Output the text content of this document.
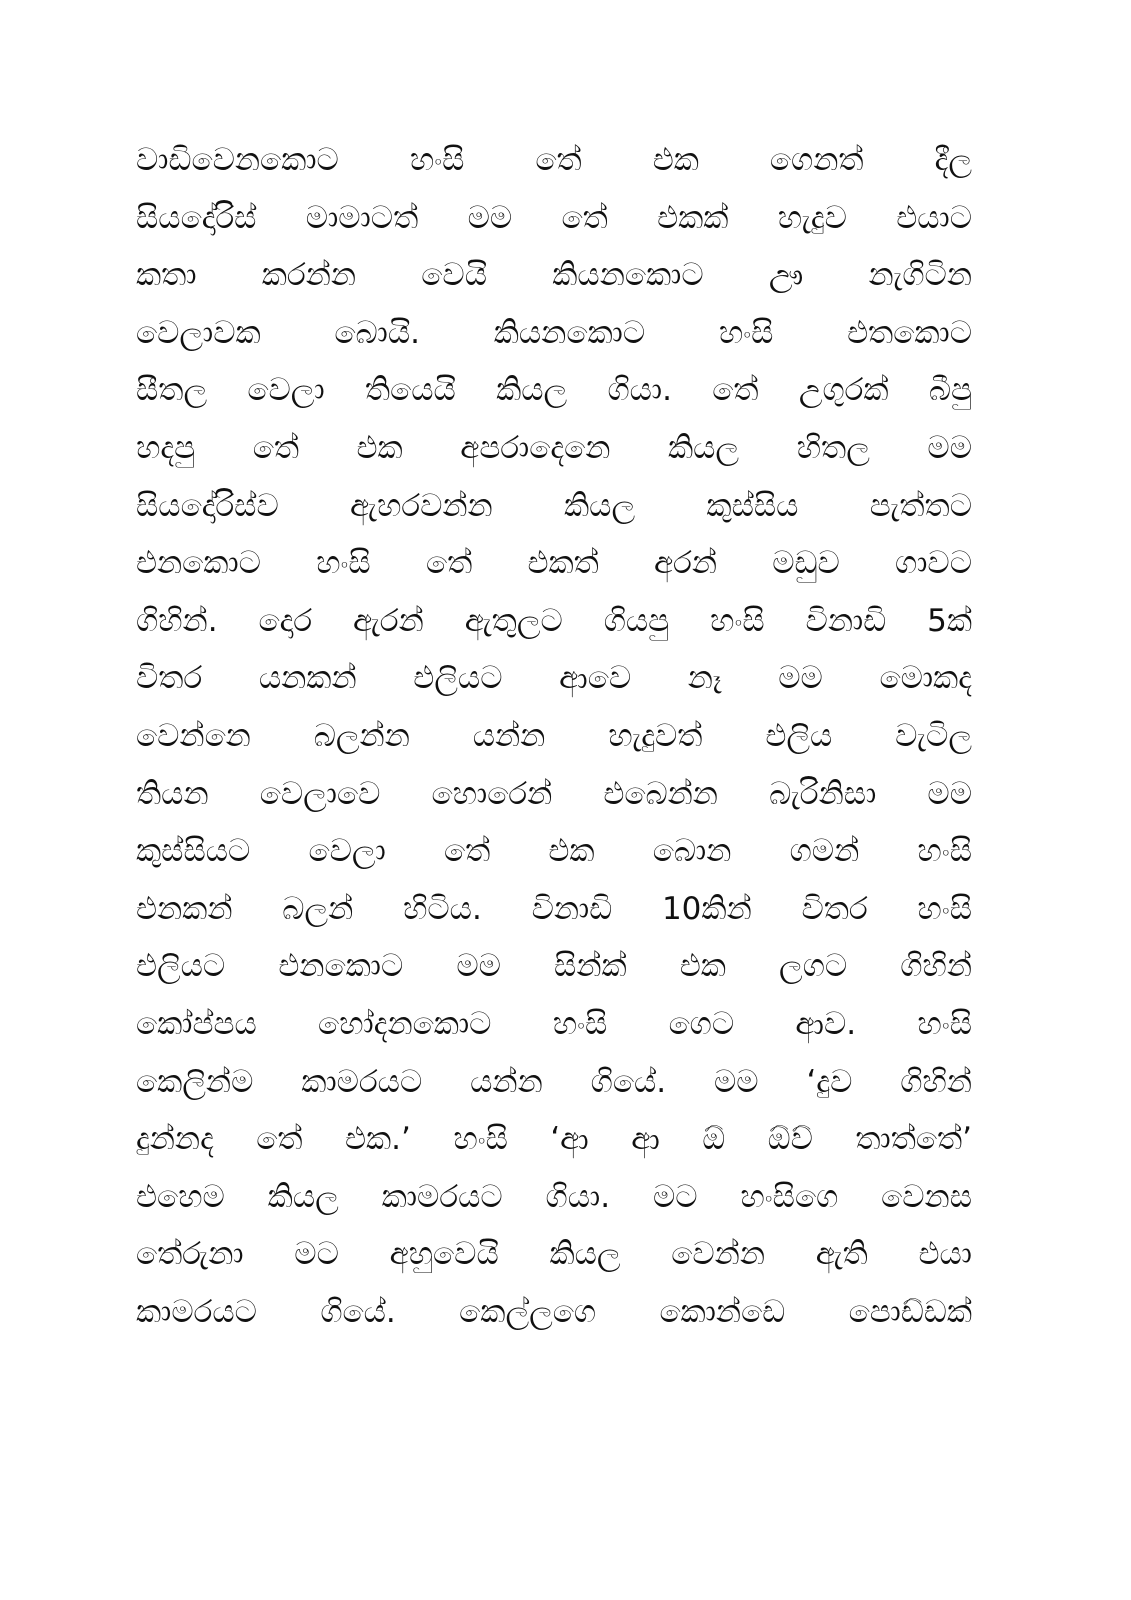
වාඩිවෙනකොට හංසි තේ එක ගෙනත් දීල
සියදෝරිස් මාමාටත් මම තේ එකක් හැදුව එයාට
කතා කරන්න වෙයි කියනකොට ඌ නැගිටින
වෙලාවක බොයි. කියනකොට හංසි එතකොට
සීතල වෙලා තියෙයි කියල ගියා. තේ උගුරක් බීපු
හදපු තේ එක අපරාදෙනෙ කියල හිතල මම
සියදෝරිස්ව ඇහරවන්න කියල කුස්සිය පැත්තට
එනකොට හංසි තේ එකත් අරන් මඩුව ගාවට
ගිහින්. දොර ඇරන් ඇතුලට ගියපු හංසි විනාඩි 5ක්
විතර යනකන් එලියට ආවෙ නෑ මම මොකද
වෙන්නෙ බලන්න යන්න හැදුවත් එලිය වැටිල
තියන වෙලාවෙ හොරෙන් එබෙන්න බැරිනිසා මම
කුස්සියට වෙලා තේ එක බොන ගමන් හංසි
එනකන් බලන් හිටිය. විනාඩි 10කින් විතර හංසි
එලියට එනකොට මම සින්ක් එක ලගට ගිහින්
කෝප්පය හෝදනකොට හංසි ගෙට ආව. හංසි
කෙලින්ම කාමරයට යන්න ගියේ. මම ‘දුව ගිහින්
දුන්නද තේ එක.’ හංසි ‘ආ ආ ඕ ඕව් තාත්තේ’
එහෙම කියල කාමරයට ගියා. මට හංසිගෙ වෙනස
තේරුනා මට අහුවෙයි කියල වෙන්න ඇති එයා
කාමරයට ගියේ. කෙල්ලගෙ කොන්ඩෙ පොඩ්ඩක්
